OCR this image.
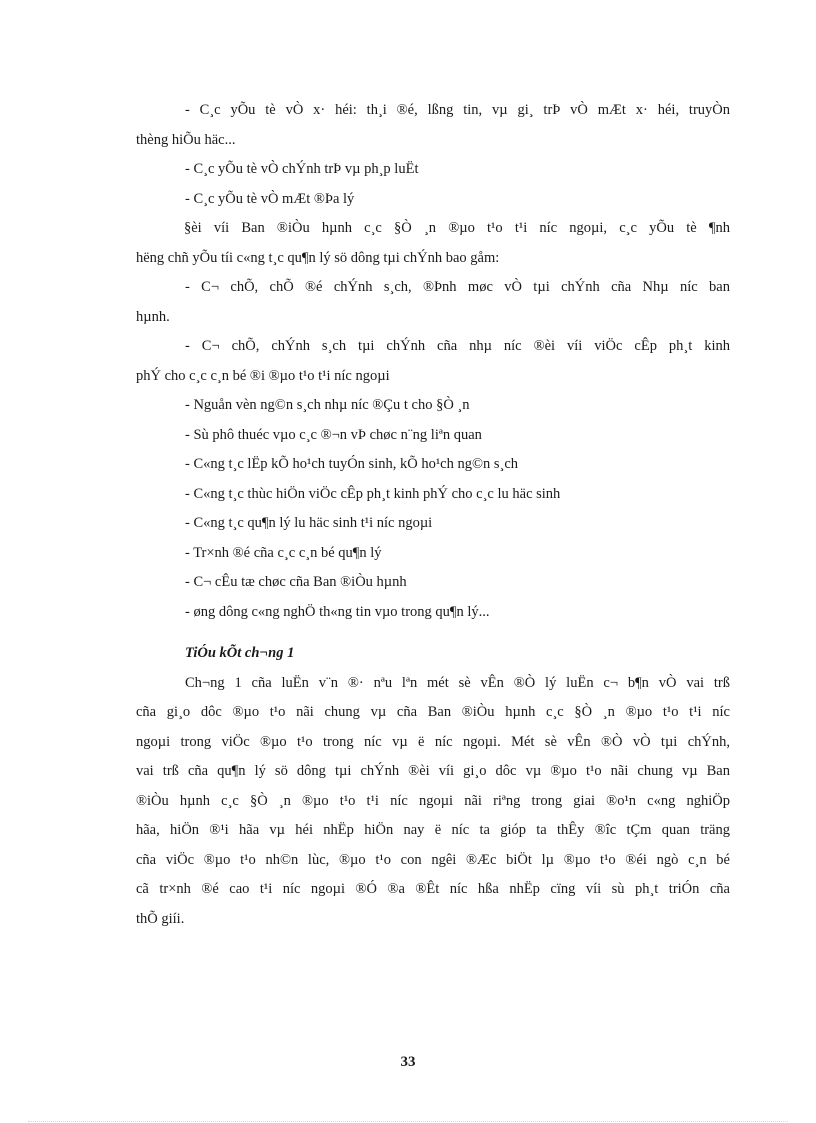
- C¸c yÕu tè vÒ x· héi: th¸i ®é, lßng tin, vµ gi¸ trÞ vÒ mÆt x· héi, truyÒn
thèng hiÕu häc...
- C¸c yÕu tè vÒ chÝnh trÞ vµ ph¸p luËt
- C¸c yÕu tè vÒ mÆt ®Þa lý
§èi víi Ban ®iÒu hµnh c¸c §Ò ¸n ®µo t¹o t¹i níc ngoµi, c¸c yÕu tè ¶nh
hëng chñ yÕu tíi c«ng t¸c qu¶n lý sö dông tµi chÝnh bao gåm:
- C¬ chÕ, chÕ ®é chÝnh s¸ch, ®Þnh møc vÒ tµi chÝnh cña Nhµ níc ban
hµnh.
- C¬ chÕ, chÝnh s¸ch tµi chÝnh cña nhµ níc ®èi víi viÖc cÊp ph¸t kinh
phÝ cho c¸c c¸n bé ®i ®µo t¹o t¹i níc ngoµi
- Nguån vèn ng©n s¸ch nhµ níc ®Çu t cho §Ò ¸n
- Sù phô thuéc vµo c¸c ®¬n vÞ chøc n¨ng liªn quan
- C«ng t¸c lËp kÕ ho¹ch tuyÓn sinh, kÕ ho¹ch ng©n s¸ch
- C«ng t¸c thùc hiÖn viÖc cÊp ph¸t kinh phÝ cho c¸c lu häc sinh
- C«ng t¸c qu¶n lý lu häc sinh t¹i níc ngoµi
- Tr×nh ®é cña c¸c c¸n bé qu¶n lý
- C¬ cÊu tæ chøc cña Ban ®iÒu hµnh
- øng dông c«ng nghÖ th«ng tin vµo trong qu¶n lý...
TiÓu kÕt ch¬ng 1
Ch¬ng 1 cña luËn v¨n ®· nªu lªn mét sè vÊn ®Ò lý luËn c¬ b¶n vÒ vai trß
cña gi¸o dôc ®µo t¹o nãi chung vµ cña Ban ®iÒu hµnh c¸c §Ò ¸n ®µo t¹o t¹i níc
ngoµi trong viÖc ®µo t¹o trong níc vµ ë níc ngoµi. Mét sè vÊn ®Ò vÒ tµi chÝnh,
vai trß cña qu¶n lý sö dông tµi chÝnh ®èi víi gi¸o dôc vµ ®µo t¹o nãi chung vµ Ban
®iÒu hµnh c¸c §Ò ¸n ®µo t¹o t¹i níc ngoµi nãi riªng trong giai ®o¹n c«ng nghiÖp
hãa, hiÖn ®¹i hãa vµ héi nhËp hiÖn nay ë níc ta gióp ta thÊy ®îc tÇm quan träng
cña viÖc ®µo t¹o nh©n lùc, ®µo t¹o con ngêi ®Æc biÖt lµ ®µo t¹o ®éi ngò c¸n bé
cã tr×nh ®é cao t¹i níc ngoµi ®Ó ®a ®Êt níc hßa nhËp cïng víi sù ph¸t triÓn cña
thÕ giíi.
33
